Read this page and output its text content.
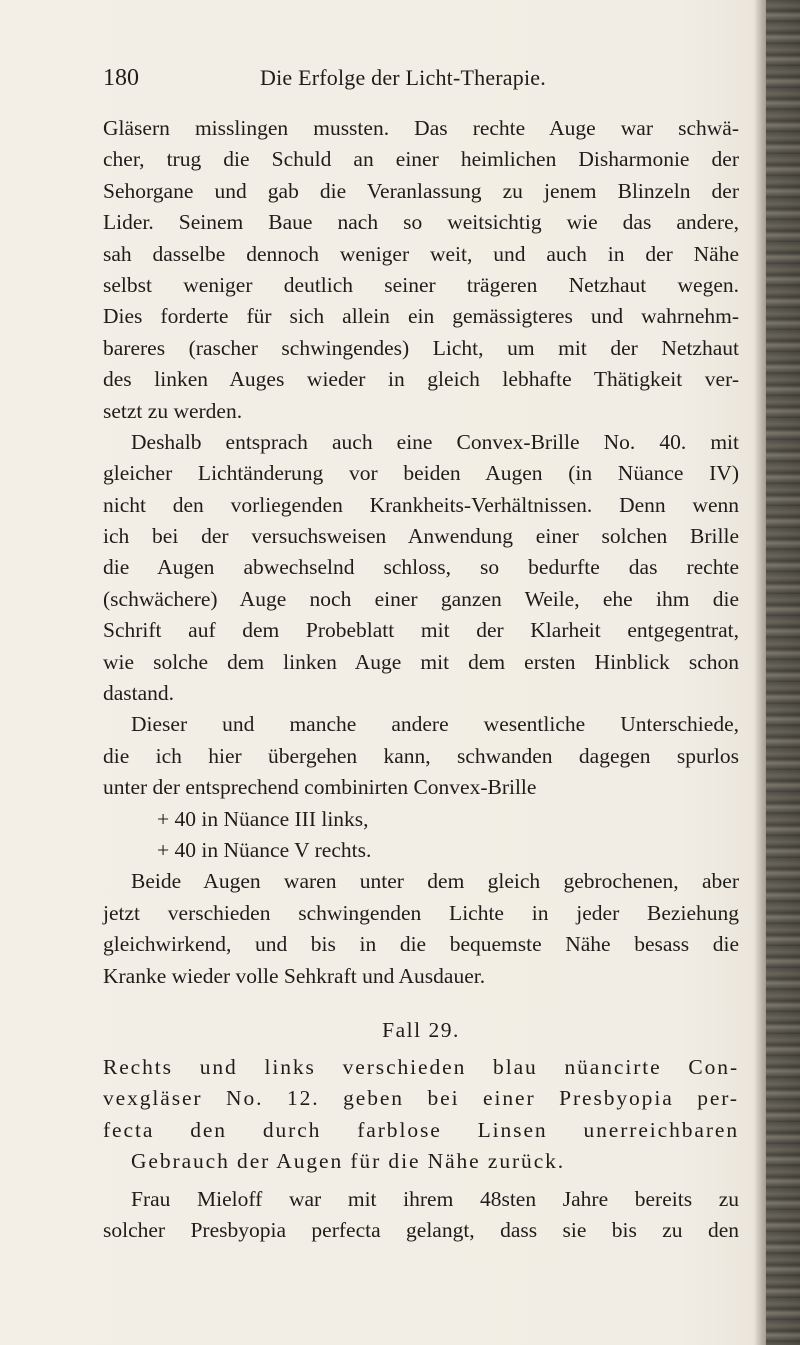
180	Die Erfolge der Licht-Therapie.
Gläsern misslingen mussten. Das rechte Auge war schwä-
cher, trug die Schuld an einer heimlichen Disharmonie der
Sehorgane und gab die Veranlassung zu jenem Blinzeln der
Lider. Seinem Baue nach so weitsichtig wie das andere,
sah dasselbe dennoch weniger weit, und auch in der Nähe
selbst weniger deutlich seiner trägeren Netzhaut wegen.
Dies forderte für sich allein ein gemässigteres und wahrnehm-
bareres (rascher schwingendes) Licht, um mit der Netzhaut
des linken Auges wieder in gleich lebhafte Thätigkeit ver-
setzt zu werden.
Deshalb entsprach auch eine Convex-Brille No. 40. mit
gleicher Lichtänderung vor beiden Augen (in Nüance IV)
nicht den vorliegenden Krankheits-Verhältnissen. Denn wenn
ich bei der versuchsweisen Anwendung einer solchen Brille
die Augen abwechselnd schloss, so bedurfte das rechte
(schwächere) Auge noch einer ganzen Weile, ehe ihm die
Schrift auf dem Probeblatt mit der Klarheit entgegentrat,
wie solche dem linken Auge mit dem ersten Hinblick schon
dastand.
Dieser und manche andere wesentliche Unterschiede,
die ich hier übergehen kann, schwanden dagegen spurlos
unter der entsprechend combinirten Convex-Brille
+ 40 in Nüance III links,
+ 40 in Nüance V rechts.
Beide Augen waren unter dem gleich gebrochenen, aber
jetzt verschieden schwingenden Lichte in jeder Beziehung
gleichwirkend, und bis in die bequemste Nähe besass die
Kranke wieder volle Sehkraft und Ausdauer.
Fall 29.
Rechts und links verschieden blau nüancirte Con-
vexgläser No. 12. geben bei einer Presbyopia per-
fecta den durch farblose Linsen unerreichbaren
Gebrauch der Augen für die Nähe zurück.
Frau Mieloff war mit ihrem 48sten Jahre bereits zu
solcher Presbyopia perfecta gelangt, dass sie bis zu den
